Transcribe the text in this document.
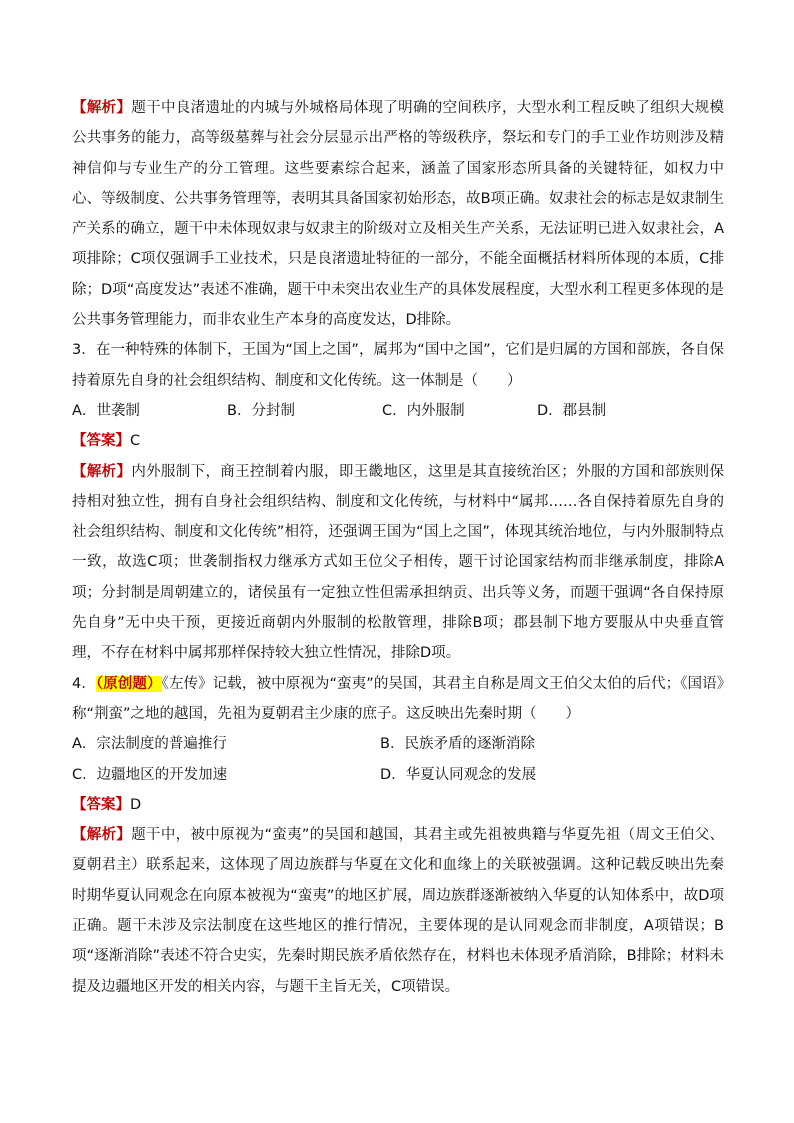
【解析】题干中良渚遗址的内城与外城格局体现了明确的空间秩序，大型水利工程反映了组织大规模公共事务的能力，高等级墓葬与社会分层显示出严格的等级秩序，祭坛和专门的手工业作坊则涉及精神信仰与专业生产的分工管理。这些要素综合起来，涵盖了国家形态所具备的关键特征，如权力中心、等级制度、公共事务管理等，表明其具备国家初始形态，故B项正确。奴隶社会的标志是奴隶制生产关系的确立，题干中未体现奴隶与奴隶主的阶级对立及相关生产关系，无法证明已进入奴隶社会，A项排除；C项仅强调手工业技术，只是良渚遗址特征的一部分，不能全面概括材料所体现的本质，C排除；D项“高度发达”表述不准确，题干中未突出农业生产的具体发展程度，大型水利工程更多体现的是公共事务管理能力，而非农业生产本身的高度发达，D排除。

3．在一种特殊的体制下，王国为“国上之国”，属邦为“国中之国”，它们是归属的方国和部族，各自保持着原先自身的社会组织结构、制度和文化传统。这一体制是（　　）

A．世袭制	B．分封制	C．内外服制	D．郡县制

【答案】C

【解析】内外服制下，商王控制着内服，即王畿地区，这里是其直接统治区；外服的方国和部族则保持相对独立性，拥有自身社会组织结构、制度和文化传统，与材料中“属邦……各自保持着原先自身的社会组织结构、制度和文化传统”相符，还强调王国为“国上之国”，体现其统治地位，与内外服制特点一致，故选C项；世袭制指权力继承方式如王位父子相传，题干讨论国家结构而非继承制度，排除A项；分封制是周朝建立的，诸侯虽有一定独立性但需承担纳贡、出兵等义务，而题干强调“各自保持原先自身”无中央干预，更接近商朝内外服制的松散管理，排除B项；郡县制下地方要服从中央垂直管理，不存在材料中属邦那样保持较大独立性情况，排除D项。

4．（原创题）《左传》记载，被中原视为“蛮夷”的吴国，其君主自称是周文王伯父太伯的后代；《国语》称“荆蛮”之地的越国，先祖为夏朝君主少康的庶子。这反映出先秦时期（　　）

A．宗法制度的普遍推行	B．民族矛盾的逐渐消除
C．边疆地区的开发加速	D．华夏认同观念的发展

【答案】D

【解析】题干中，被中原视为“蛮夷”的吴国和越国，其君主或先祖被典籍与华夏先祖（周文王伯父、夏朝君主）联系起来，这体现了周边族群与华夏在文化和血缘上的关联被强调。这种记载反映出先秦时期华夏认同观念在向原本被视为“蛮夷”的地区扩展，周边族群逐渐被纳入华夏的认知体系中，故D项正确。题干未涉及宗法制度在这些地区的推行情况，主要体现的是认同观念而非制度，A项错误；B项“逐渐消除”表述不符合史实，先秦时期民族矛盾依然存在，材料也未体现矛盾消除，B排除；材料未提及边疆地区开发的相关内容，与题干主旨无关，C项错误。
